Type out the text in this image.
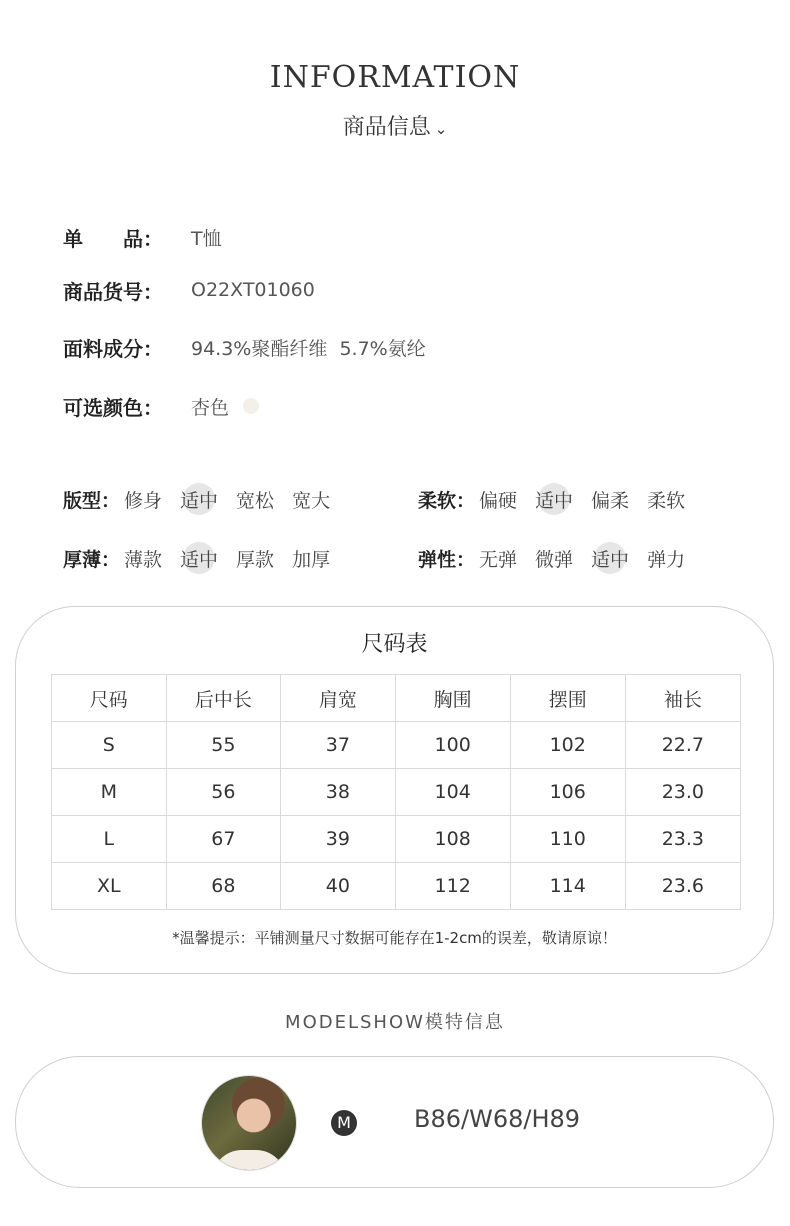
INFORMATION
商品信息 ⌄
单　　品：	T恤
商品货号：	O22XT01060
面料成分：	94.3%聚酯纤维  5.7%氨纶
可选颜色：	杏色
版型： 修身 适中 宽松 宽大	柔软： 偏硬 适中 偏柔 柔软
厚薄： 薄款 适中 厚款 加厚	弹性： 无弹 微弹 适中 弹力
尺码表
尺码	后中长	肩宽	胸围	摆围	袖长
S	55	37	100	102	22.7
M	56	38	104	106	23.0
L	67	39	108	110	23.3
XL	68	40	112	114	23.6
*温馨提示：平铺测量尺寸数据可能存在1-2cm的误差，敬请原谅！
MODELSHOW模特信息
M	B86/W68/H89
